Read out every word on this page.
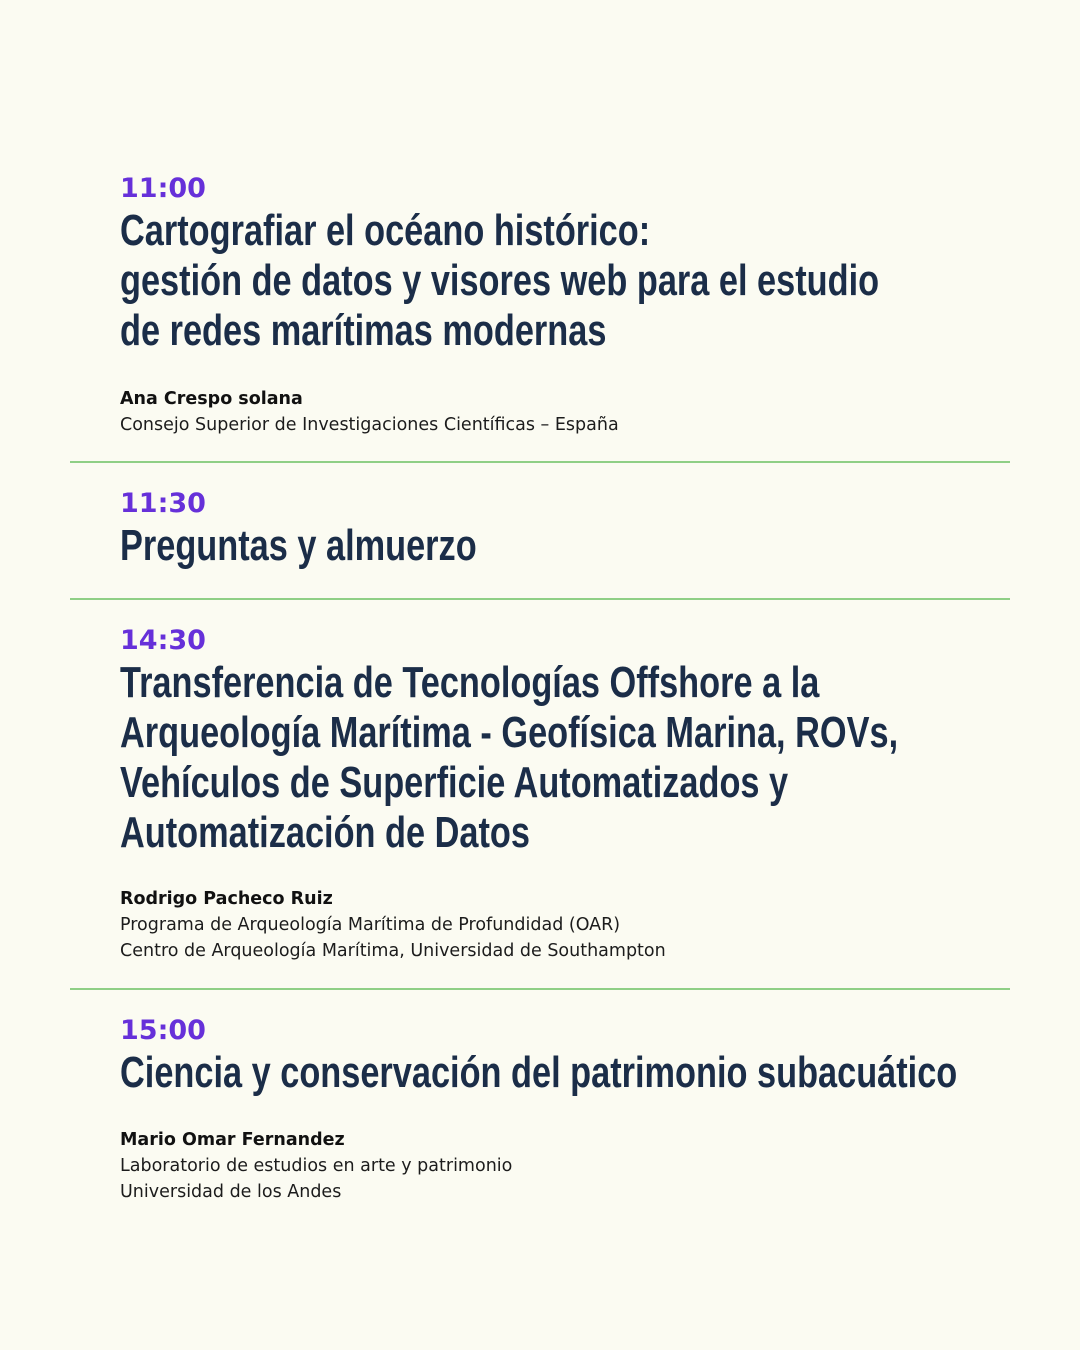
11:00

Cartografiar el océano histórico:
gestión de datos y visores web para el estudio
de redes marítimas modernas

Ana Crespo solana

Consejo Superior de Investigaciones Científicas – España

11:30

Preguntas y almuerzo

14:30

Transferencia de Tecnologías Offshore a la
Arqueología Marítima - Geofísica Marina, ROVs,
Vehículos de Superficie Automatizados y
Automatización de Datos

Rodrigo Pacheco Ruiz

Programa de Arqueología Marítima de Profundidad (OAR)

Centro de Arqueología Marítima, Universidad de Southampton

15:00

Ciencia y conservación del patrimonio subacuático

Mario Omar Fernandez

Laboratorio de estudios en arte y patrimonio

Universidad de los Andes
